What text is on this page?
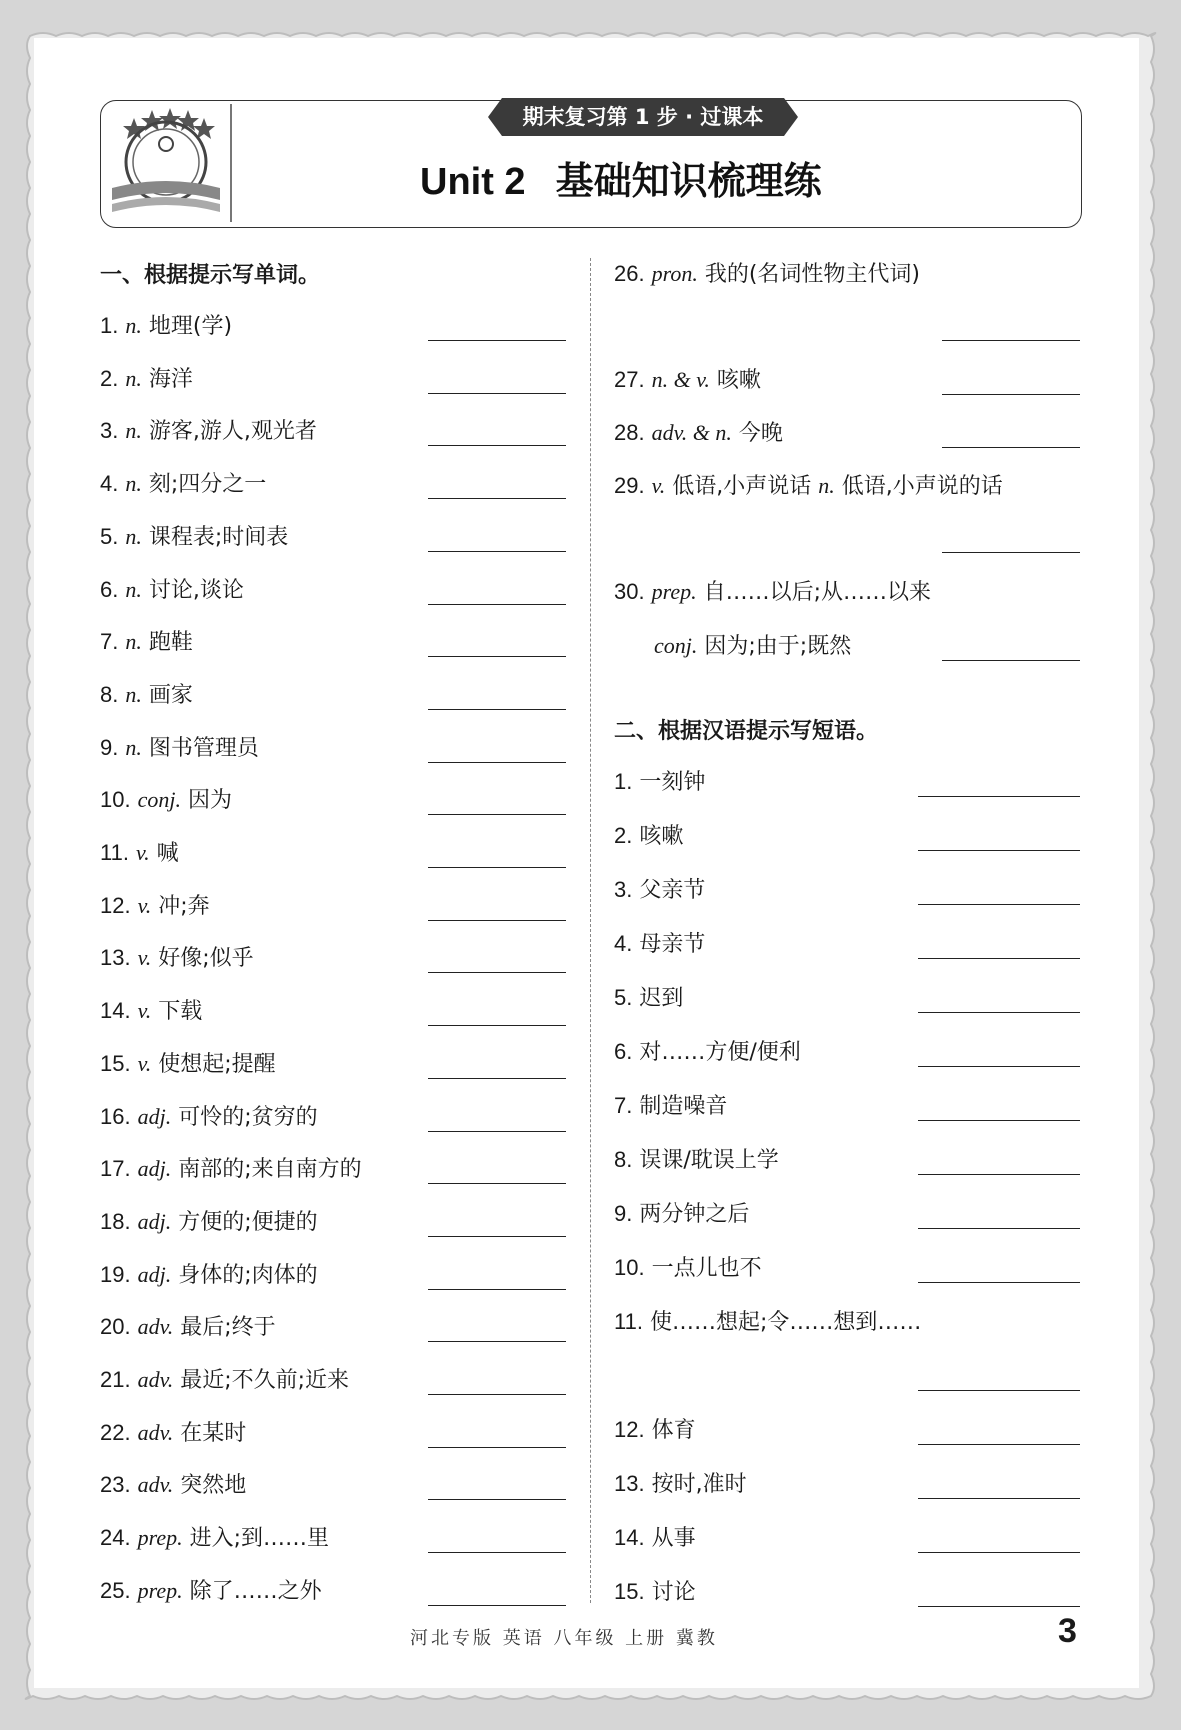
期末复习第 1 步 · 过课本
Unit 2 基础知识梳理练
一、根据提示写单词。
1. n. 地理(学)
2. n. 海洋
3. n. 游客,游人,观光者
4. n. 刻;四分之一
5. n. 课程表;时间表
6. n. 讨论,谈论
7. n. 跑鞋
8. n. 画家
9. n. 图书管理员
10. conj. 因为
11. v. 喊
12. v. 冲;奔
13. v. 好像;似乎
14. v. 下载
15. v. 使想起;提醒
16. adj. 可怜的;贫穷的
17. adj. 南部的;来自南方的
18. adj. 方便的;便捷的
19. adj. 身体的;肉体的
20. adv. 最后;终于
21. adv. 最近;不久前;近来
22. adv. 在某时
23. adv. 突然地
24. prep. 进入;到……里
25. prep. 除了……之外
26. pron. 我的(名词性物主代词)
27. n. & v. 咳嗽
28. adv. & n. 今晚
29. v. 低语,小声说话 n. 低语,小声说的话
30. prep. 自……以后;从……以来
conj. 因为;由于;既然
二、根据汉语提示写短语。
1. 一刻钟
2. 咳嗽
3. 父亲节
4. 母亲节
5. 迟到
6. 对……方便/便利
7. 制造噪音
8. 误课/耽误上学
9. 两分钟之后
10. 一点儿也不
11. 使……想起;令……想到……
12. 体育
13. 按时,准时
14. 从事
15. 讨论
河北专版 英语 八年级 上册 冀教	3
